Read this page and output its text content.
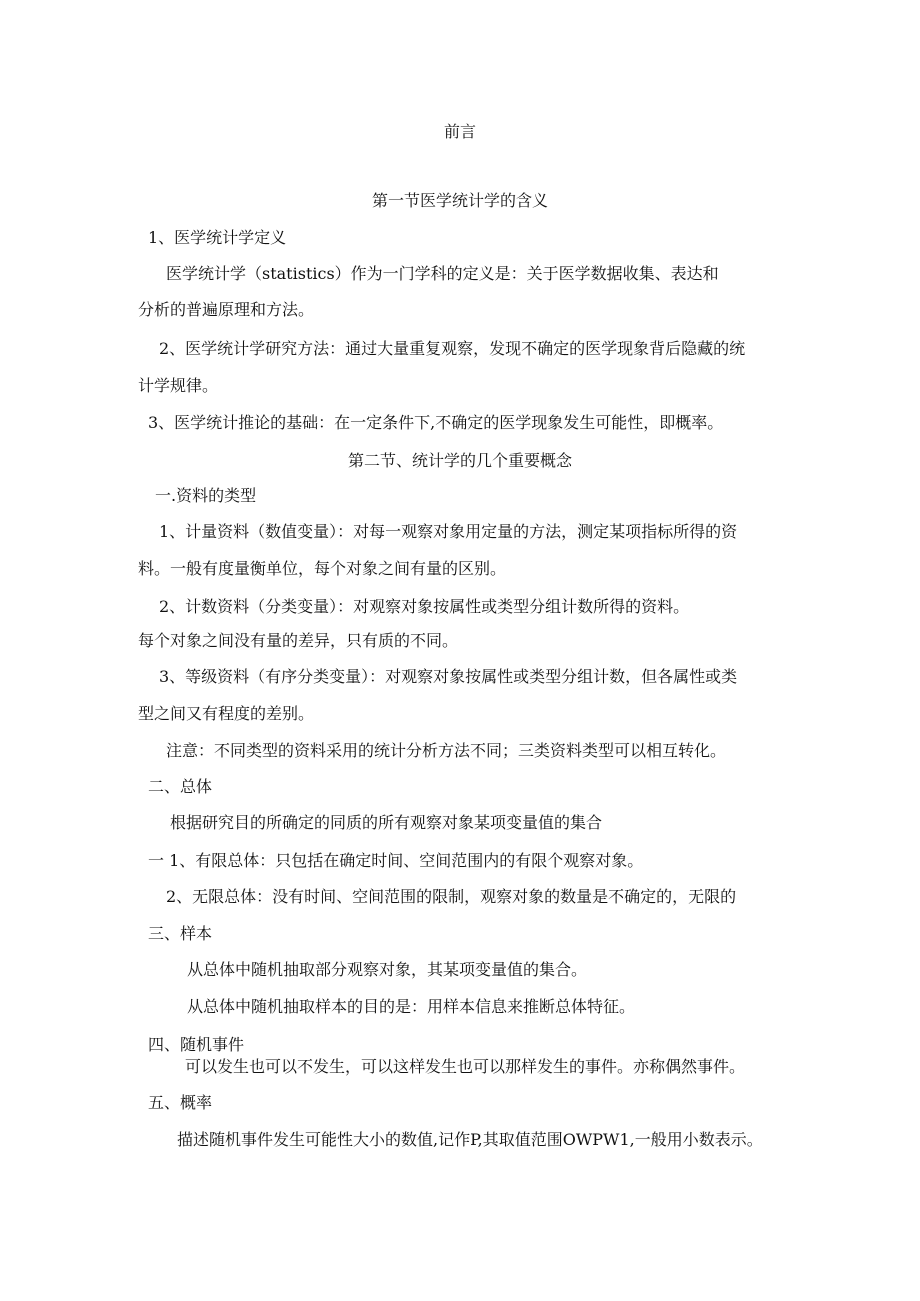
前言

第一节医学统计学的含义

1、医学统计学定义

医学统计学（statistics）作为一门学科的定义是：关于医学数据收集、表达和

分析的普遍原理和方法。

2、医学统计学研究方法：通过大量重复观察，发现不确定的医学现象背后隐藏的统

计学规律。

3、医学统计推论的基础：在一定条件下,不确定的医学现象发生可能性，即概率。

第二节、统计学的几个重要概念

一.资料的类型

1、计量资料（数值变量）：对每一观察对象用定量的方法，测定某项指标所得的资

料。一般有度量衡单位，每个对象之间有量的区别。

2、计数资料（分类变量）：对观察对象按属性或类型分组计数所得的资料。

每个对象之间没有量的差异，只有质的不同。

3、等级资料（有序分类变量）：对观察对象按属性或类型分组计数，但各属性或类

型之间又有程度的差别。

注意：不同类型的资料采用的统计分析方法不同；三类资料类型可以相互转化。

二、总体

根据研究目的所确定的同质的所有观察对象某项变量值的集合

一 1、有限总体：只包括在确定时间、空间范围内的有限个观察对象。

2、无限总体：没有时间、空间范围的限制，观察对象的数量是不确定的，无限的

三、样本

从总体中随机抽取部分观察对象，其某项变量值的集合。

从总体中随机抽取样本的目的是：用样本信息来推断总体特征。

四、随机事件

可以发生也可以不发生，可以这样发生也可以那样发生的事件。亦称偶然事件。

五、概率

描述随机事件发生可能性大小的数值,记作P,其取值范围OWPW1,一般用小数表示。
